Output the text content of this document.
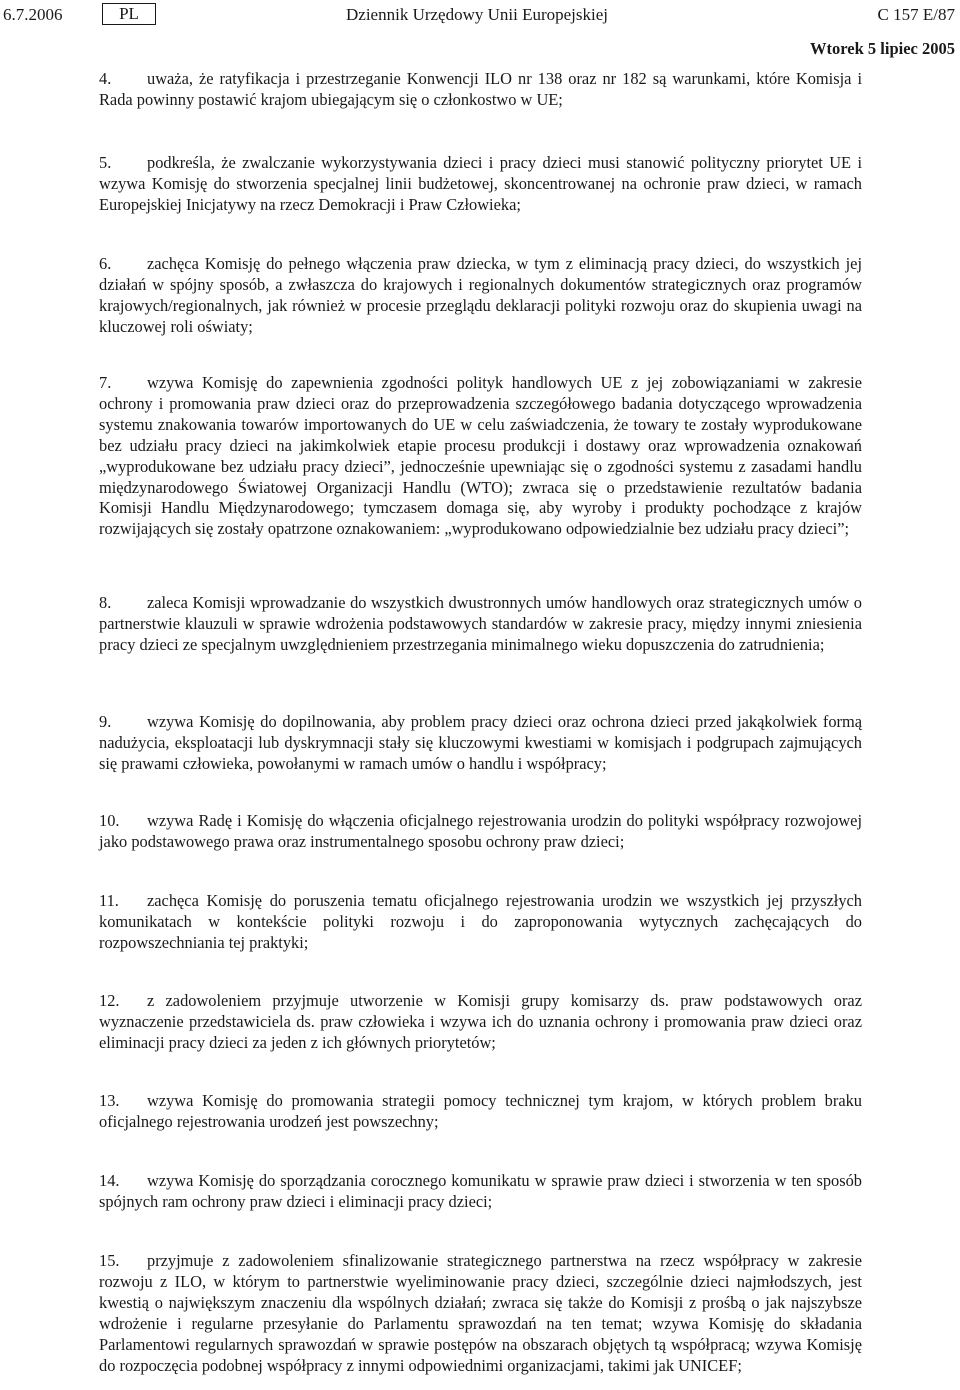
6.7.2006	PL	Dziennik Urzędowy Unii Europejskiej	C 157 E/87
Wtorek 5 lipiec 2005

4. uważa, że ratyfikacja i przestrzeganie Konwencji ILO nr 138 oraz nr 182 są warunkami, które Komisja i Rada powinny postawić krajom ubiegającym się o członkostwo w UE;

5. podkreśla, że zwalczanie wykorzystywania dzieci i pracy dzieci musi stanowić polityczny priorytet UE i wzywa Komisję do stworzenia specjalnej linii budżetowej, skoncentrowanej na ochronie praw dzieci, w ramach Europejskiej Inicjatywy na rzecz Demokracji i Praw Człowieka;

6. zachęca Komisję do pełnego włączenia praw dziecka, w tym z eliminacją pracy dzieci, do wszystkich jej działań w spójny sposób, a zwłaszcza do krajowych i regionalnych dokumentów strategicznych oraz programów krajowych/regionalnych, jak również w procesie przeglądu deklaracji polityki rozwoju oraz do skupienia uwagi na kluczowej roli oświaty;

7. wzywa Komisję do zapewnienia zgodności polityk handlowych UE z jej zobowiązaniami w zakresie ochrony i promowania praw dzieci oraz do przeprowadzenia szczegółowego badania dotyczącego wprowadzenia systemu znakowania towarów importowanych do UE w celu zaświadczenia, że towary te zostały wyprodukowane bez udziału pracy dzieci na jakimkolwiek etapie procesu produkcji i dostawy oraz wprowadzenia oznakowań „wyprodukowane bez udziału pracy dzieci”, jednocześnie upewniając się o zgodności systemu z zasadami handlu międzynarodowego Światowej Organizacji Handlu (WTO); zwraca się o przedstawienie rezultatów badania Komisji Handlu Międzynarodowego; tymczasem domaga się, aby wyroby i produkty pochodzące z krajów rozwijających się zostały opatrzone oznakowaniem: „wyprodukowano odpowiedzialnie bez udziału pracy dzieci”;

8. zaleca Komisji wprowadzanie do wszystkich dwustronnych umów handlowych oraz strategicznych umów o partnerstwie klauzuli w sprawie wdrożenia podstawowych standardów w zakresie pracy, między innymi zniesienia pracy dzieci ze specjalnym uwzględnieniem przestrzegania minimalnego wieku dopuszczenia do zatrudnienia;

9. wzywa Komisję do dopilnowania, aby problem pracy dzieci oraz ochrona dzieci przed jakąkolwiek formą nadużycia, eksploatacji lub dyskrymnacji stały się kluczowymi kwestiami w komisjach i podgrupach zajmujących się prawami człowieka, powołanymi w ramach umów o handlu i współpracy;

10. wzywa Radę i Komisję do włączenia oficjalnego rejestrowania urodzin do polityki współpracy rozwojowej jako podstawowego prawa oraz instrumentalnego sposobu ochrony praw dzieci;

11. zachęca Komisję do poruszenia tematu oficjalnego rejestrowania urodzin we wszystkich jej przyszłych komunikatach w kontekście polityki rozwoju i do zaproponowania wytycznych zachęcających do rozpowszechniania tej praktyki;

12. z zadowoleniem przyjmuje utworzenie w Komisji grupy komisarzy ds. praw podstawowych oraz wyznaczenie przedstawiciela ds. praw człowieka i wzywa ich do uznania ochrony i promowania praw dzieci oraz eliminacji pracy dzieci za jeden z ich głównych priorytetów;

13. wzywa Komisję do promowania strategii pomocy technicznej tym krajom, w których problem braku oficjalnego rejestrowania urodzeń jest powszechny;

14. wzywa Komisję do sporządzania corocznego komunikatu w sprawie praw dzieci i stworzenia w ten sposób spójnych ram ochrony praw dzieci i eliminacji pracy dzieci;

15. przyjmuje z zadowoleniem sfinalizowanie strategicznego partnerstwa na rzecz współpracy w zakresie rozwoju z ILO, w którym to partnerstwie wyeliminowanie pracy dzieci, szczególnie dzieci najmłodszych, jest kwestią o największym znaczeniu dla wspólnych działań; zwraca się także do Komisji z prośbą o jak najszybsze wdrożenie i regularne przesyłanie do Parlamentu sprawozdań na ten temat; wzywa Komisję do składania Parlamentowi regularnych sprawozdań w sprawie postępów na obszarach objętych tą współpracą; wzywa Komisję do rozpoczęcia podobnej współpracy z innymi odpowiednimi organizacjami, takimi jak UNICEF;
